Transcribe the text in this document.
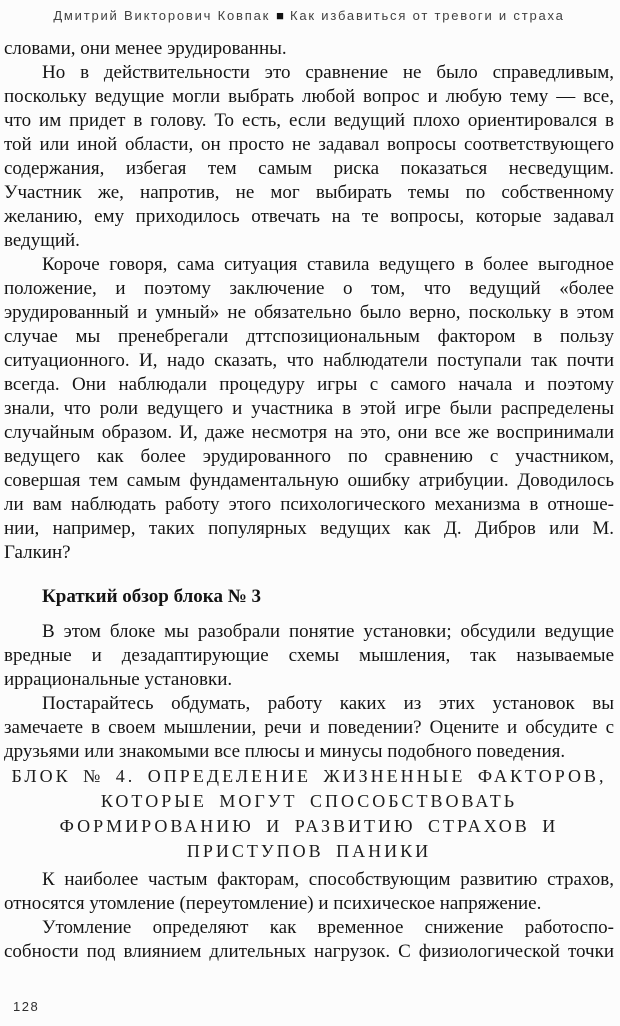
Дмитрий Викторович Ковпак ■ Как избавиться от тревоги и страха

словами, они менее эрудированны.

Но в действительности это сравнение не было справедливым,
поскольку ведущие могли выбрать любой вопрос и любую тему — все,
что им придет в голову. То есть, если ведущий плохо ориентировался в
той или иной области, он просто не задавал вопросы соответствующего
содержания, избегая тем самым риска показаться несведущим.
Участник же, напротив, не мог выбирать темы по собственному
желанию, ему приходилось отвечать на те вопросы, которые задавал
ведущий.

Короче говоря, сама ситуация ставила ведущего в более выгодное
положение, и поэтому заключение о том, что ведущий «более
эрудированный и умный» не обязательно было верно, поскольку в этом
случае мы пренебрегали дттспозициональным фактором в пользу
ситуационного. И, надо сказать, что наблюдатели поступали так почти
всегда. Они наблюдали процедуру игры с самого начала и поэтому
знали, что роли ведущего и участника в этой игре были распределены
случайным образом. И, даже несмотря на это, они все же воспринимали
ведущего как более эрудированного по сравнению с участником,
совершая тем самым фундаментальную ошибку атрибуции. Доводилось
ли вам наблюдать работу этого психологического механизма в отноше-
нии, например, таких популярных ведущих как Д. Дибров или М.
Галкин?

Краткий обзор блока № 3

В этом блоке мы разобрали понятие установки; обсудили ведущие
вредные и дезадаптирующие схемы мышления, так называемые
иррациональные установки.

Постарайтесь обдумать, работу каких из этих установок вы
замечаете в своем мышлении, речи и поведении? Оцените и обсудите с
друзьями или знакомыми все плюсы и минусы подобного поведения.

БЛОК № 4. ОПРЕДЕЛЕНИЕ ЖИЗНЕННЫЕ ФАКТОРОВ,
КОТОРЫЕ МОГУТ СПОСОБСТВОВАТЬ
ФОРМИРОВАНИЮ И РАЗВИТИЮ СТРАХОВ И
ПРИСТУПОВ ПАНИКИ

К наиболее частым факторам, способствующим развитию страхов,
относятся утомление (переутомление) и психическое напряжение.

Утомление определяют как временное снижение работоспо-
собности под влиянием длительных нагрузок. С физиологической точки

128
